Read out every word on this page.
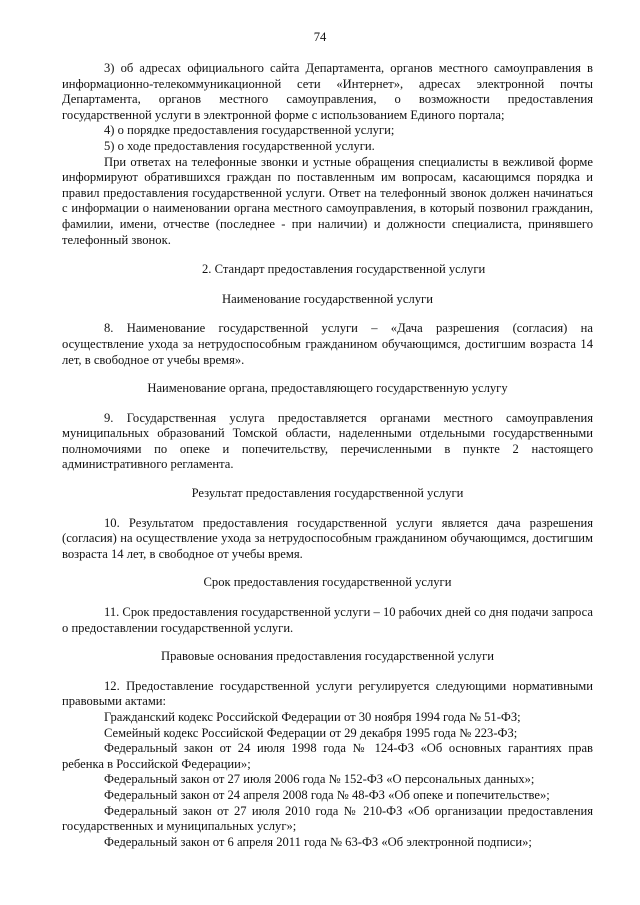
74

3) об адресах официального сайта Департамента, органов местного самоуправления в информационно-телекоммуникационной сети «Интернет», адресах электронной почты Департамента, органов местного самоуправления, о возможности предоставления государственной услуги в электронной форме с использованием Единого портала;

4) о порядке предоставления государственной услуги;

5) о ходе предоставления государственной услуги.

При ответах на телефонные звонки и устные обращения специалисты в вежливой форме информируют обратившихся граждан по поставленным им вопросам, касающимся порядка и правил предоставления государственной услуги. Ответ на телефонный звонок должен начинаться с информации о наименовании органа местного самоуправления, в который позвонил гражданин, фамилии, имени, отчестве (последнее - при наличии) и должности специалиста, принявшего телефонный звонок.

2. Стандарт предоставления государственной услуги

Наименование государственной услуги

8. Наименование государственной услуги – «Дача разрешения (согласия) на осуществление ухода за нетрудоспособным гражданином обучающимся, достигшим возраста 14 лет, в свободное от учебы время».

Наименование органа, предоставляющего государственную услугу

9. Государственная услуга предоставляется органами местного самоуправления муниципальных образований Томской области, наделенными отдельными государственными полномочиями по опеке и попечительству, перечисленными в пункте 2 настоящего административного регламента.

Результат предоставления государственной услуги

10. Результатом предоставления государственной услуги является дача разрешения (согласия) на осуществление ухода за нетрудоспособным гражданином обучающимся, достигшим возраста 14 лет, в свободное от учебы время.

Срок предоставления государственной услуги

11. Срок предоставления государственной услуги – 10 рабочих дней со дня подачи запроса о предоставлении государственной услуги.

Правовые основания предоставления государственной услуги

12. Предоставление государственной услуги регулируется следующими нормативными правовыми актами:

Гражданский кодекс Российской Федерации от 30 ноября 1994 года № 51-ФЗ;

Семейный кодекс Российской Федерации от 29 декабря 1995 года № 223-ФЗ;

Федеральный закон от 24 июля 1998 года № 124-ФЗ «Об основных гарантиях прав ребенка в Российской Федерации»;

Федеральный закон от 27 июля 2006 года № 152-ФЗ «О персональных данных»;

Федеральный закон от 24 апреля 2008 года № 48-ФЗ «Об опеке и попечительстве»;

Федеральный закон от 27 июля 2010 года № 210-ФЗ «Об организации предоставления государственных и муниципальных услуг»;

Федеральный закон от 6 апреля 2011 года № 63-ФЗ «Об электронной подписи»;
